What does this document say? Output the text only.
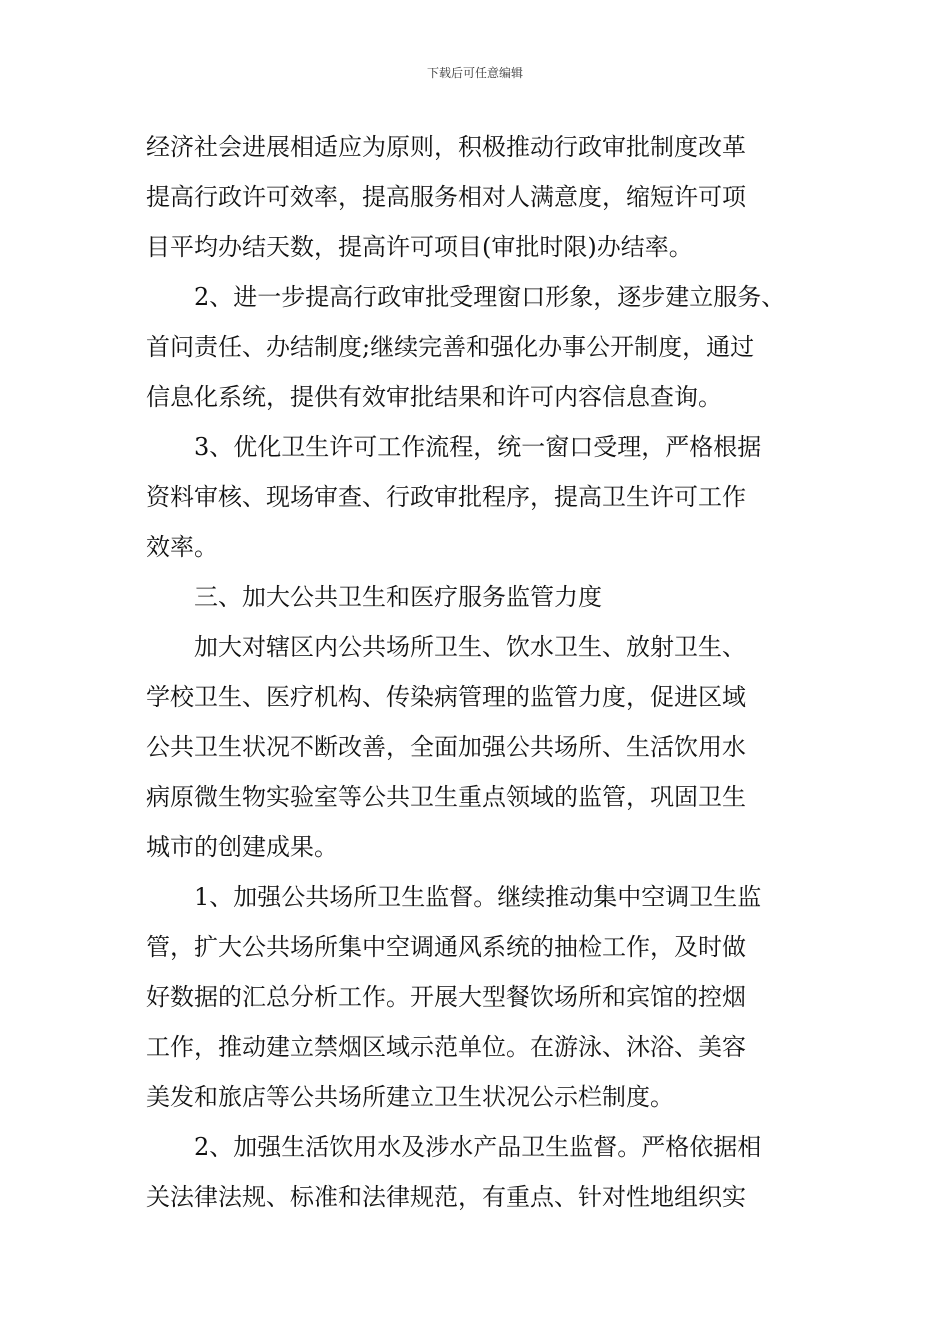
下载后可任意编辑
经济社会进展相适应为原则，积极推动行政审批制度改革
提高行政许可效率，提高服务相对人满意度，缩短许可项
目平均办结天数，提高许可项目(审批时限)办结率。
　　2、进一步提高行政审批受理窗口形象，逐步建立服务、
首问责任、办结制度;继续完善和强化办事公开制度，通过
信息化系统，提供有效审批结果和许可内容信息查询。
　　3、优化卫生许可工作流程，统一窗口受理，严格根据
资料审核、现场审查、行政审批程序，提高卫生许可工作
效率。
　　三、加大公共卫生和医疗服务监管力度
　　加大对辖区内公共场所卫生、饮水卫生、放射卫生、
学校卫生、医疗机构、传染病管理的监管力度，促进区域
公共卫生状况不断改善，全面加强公共场所、生活饮用水
病原微生物实验室等公共卫生重点领域的监管，巩固卫生
城市的创建成果。
　　1、加强公共场所卫生监督。继续推动集中空调卫生监
管，扩大公共场所集中空调通风系统的抽检工作，及时做
好数据的汇总分析工作。开展大型餐饮场所和宾馆的控烟
工作，推动建立禁烟区域示范单位。在游泳、沐浴、美容
美发和旅店等公共场所建立卫生状况公示栏制度。
　　2、加强生活饮用水及涉水产品卫生监督。严格依据相
关法律法规、标准和法律规范，有重点、针对性地组织实
